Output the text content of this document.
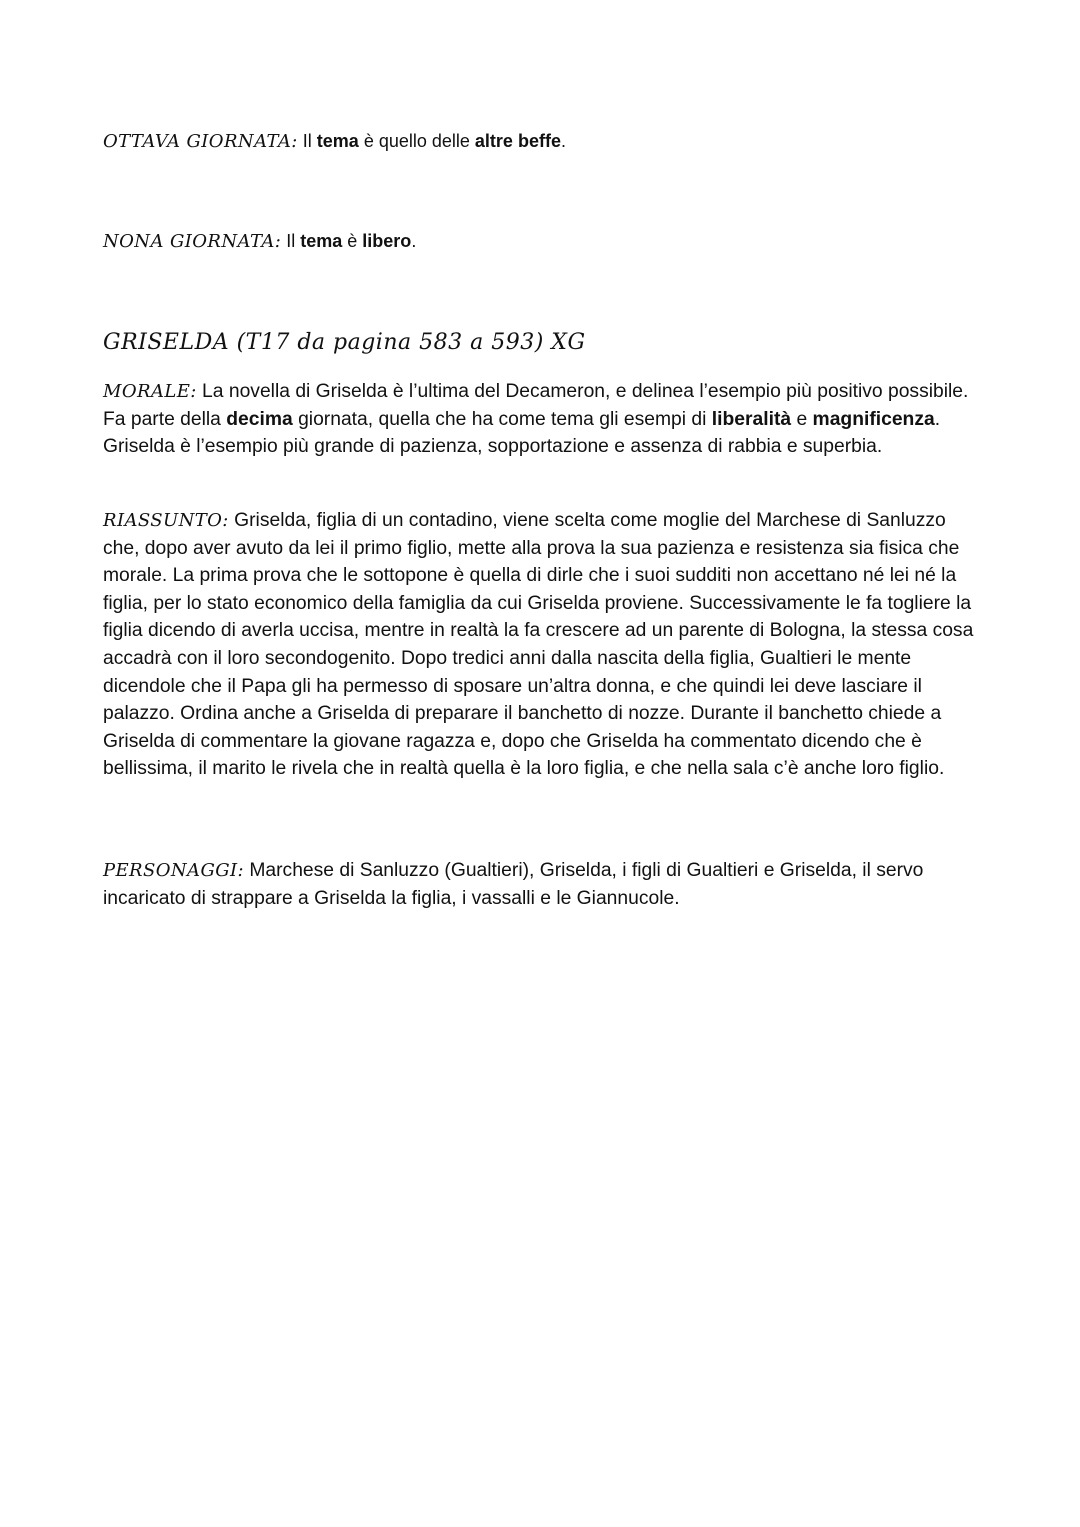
OTTAVA GIORNATA: Il tema è quello delle altre beffe.
NONA GIORNATA: Il tema è libero.
GRISELDA (T17 da pagina 583 a 593) XG
MORALE: La novella di Griselda è l’ultima del Decameron, e delinea l’esempio più positivo possibile. Fa parte della decima giornata, quella che ha come tema gli esempi di liberalità e magnificenza. Griselda è l’esempio più grande di pazienza, sopportazione e assenza di rabbia e superbia.
RIASSUNTO: Griselda, figlia di un contadino, viene scelta come moglie del Marchese di Sanluzzo che, dopo aver avuto da lei il primo figlio, mette alla prova la sua pazienza e resistenza sia fisica che morale. La prima prova che le sottopone è quella di dirle che i suoi sudditi non accettano né lei né la figlia, per lo stato economico della famiglia da cui Griselda proviene. Successivamente le fa togliere la figlia dicendo di averla uccisa, mentre in realtà la fa crescere ad un parente di Bologna, la stessa cosa accadrà con il loro secondogenito. Dopo tredici anni dalla nascita della figlia, Gualtieri le mente dicendole che il Papa gli ha permesso di sposare un’altra donna, e che quindi lei deve lasciare il palazzo. Ordina anche a Griselda di preparare il banchetto di nozze. Durante il banchetto chiede a Griselda di commentare la giovane ragazza e, dopo che Griselda ha commentato dicendo che è bellissima, il marito le rivela che in realtà quella è la loro figlia, e che nella sala c’è anche loro figlio.
PERSONAGGI: Marchese di Sanluzzo (Gualtieri), Griselda, i figli di Gualtieri e Griselda, il servo incaricato di strappare a Griselda la figlia, i vassalli e le Giannucole.
